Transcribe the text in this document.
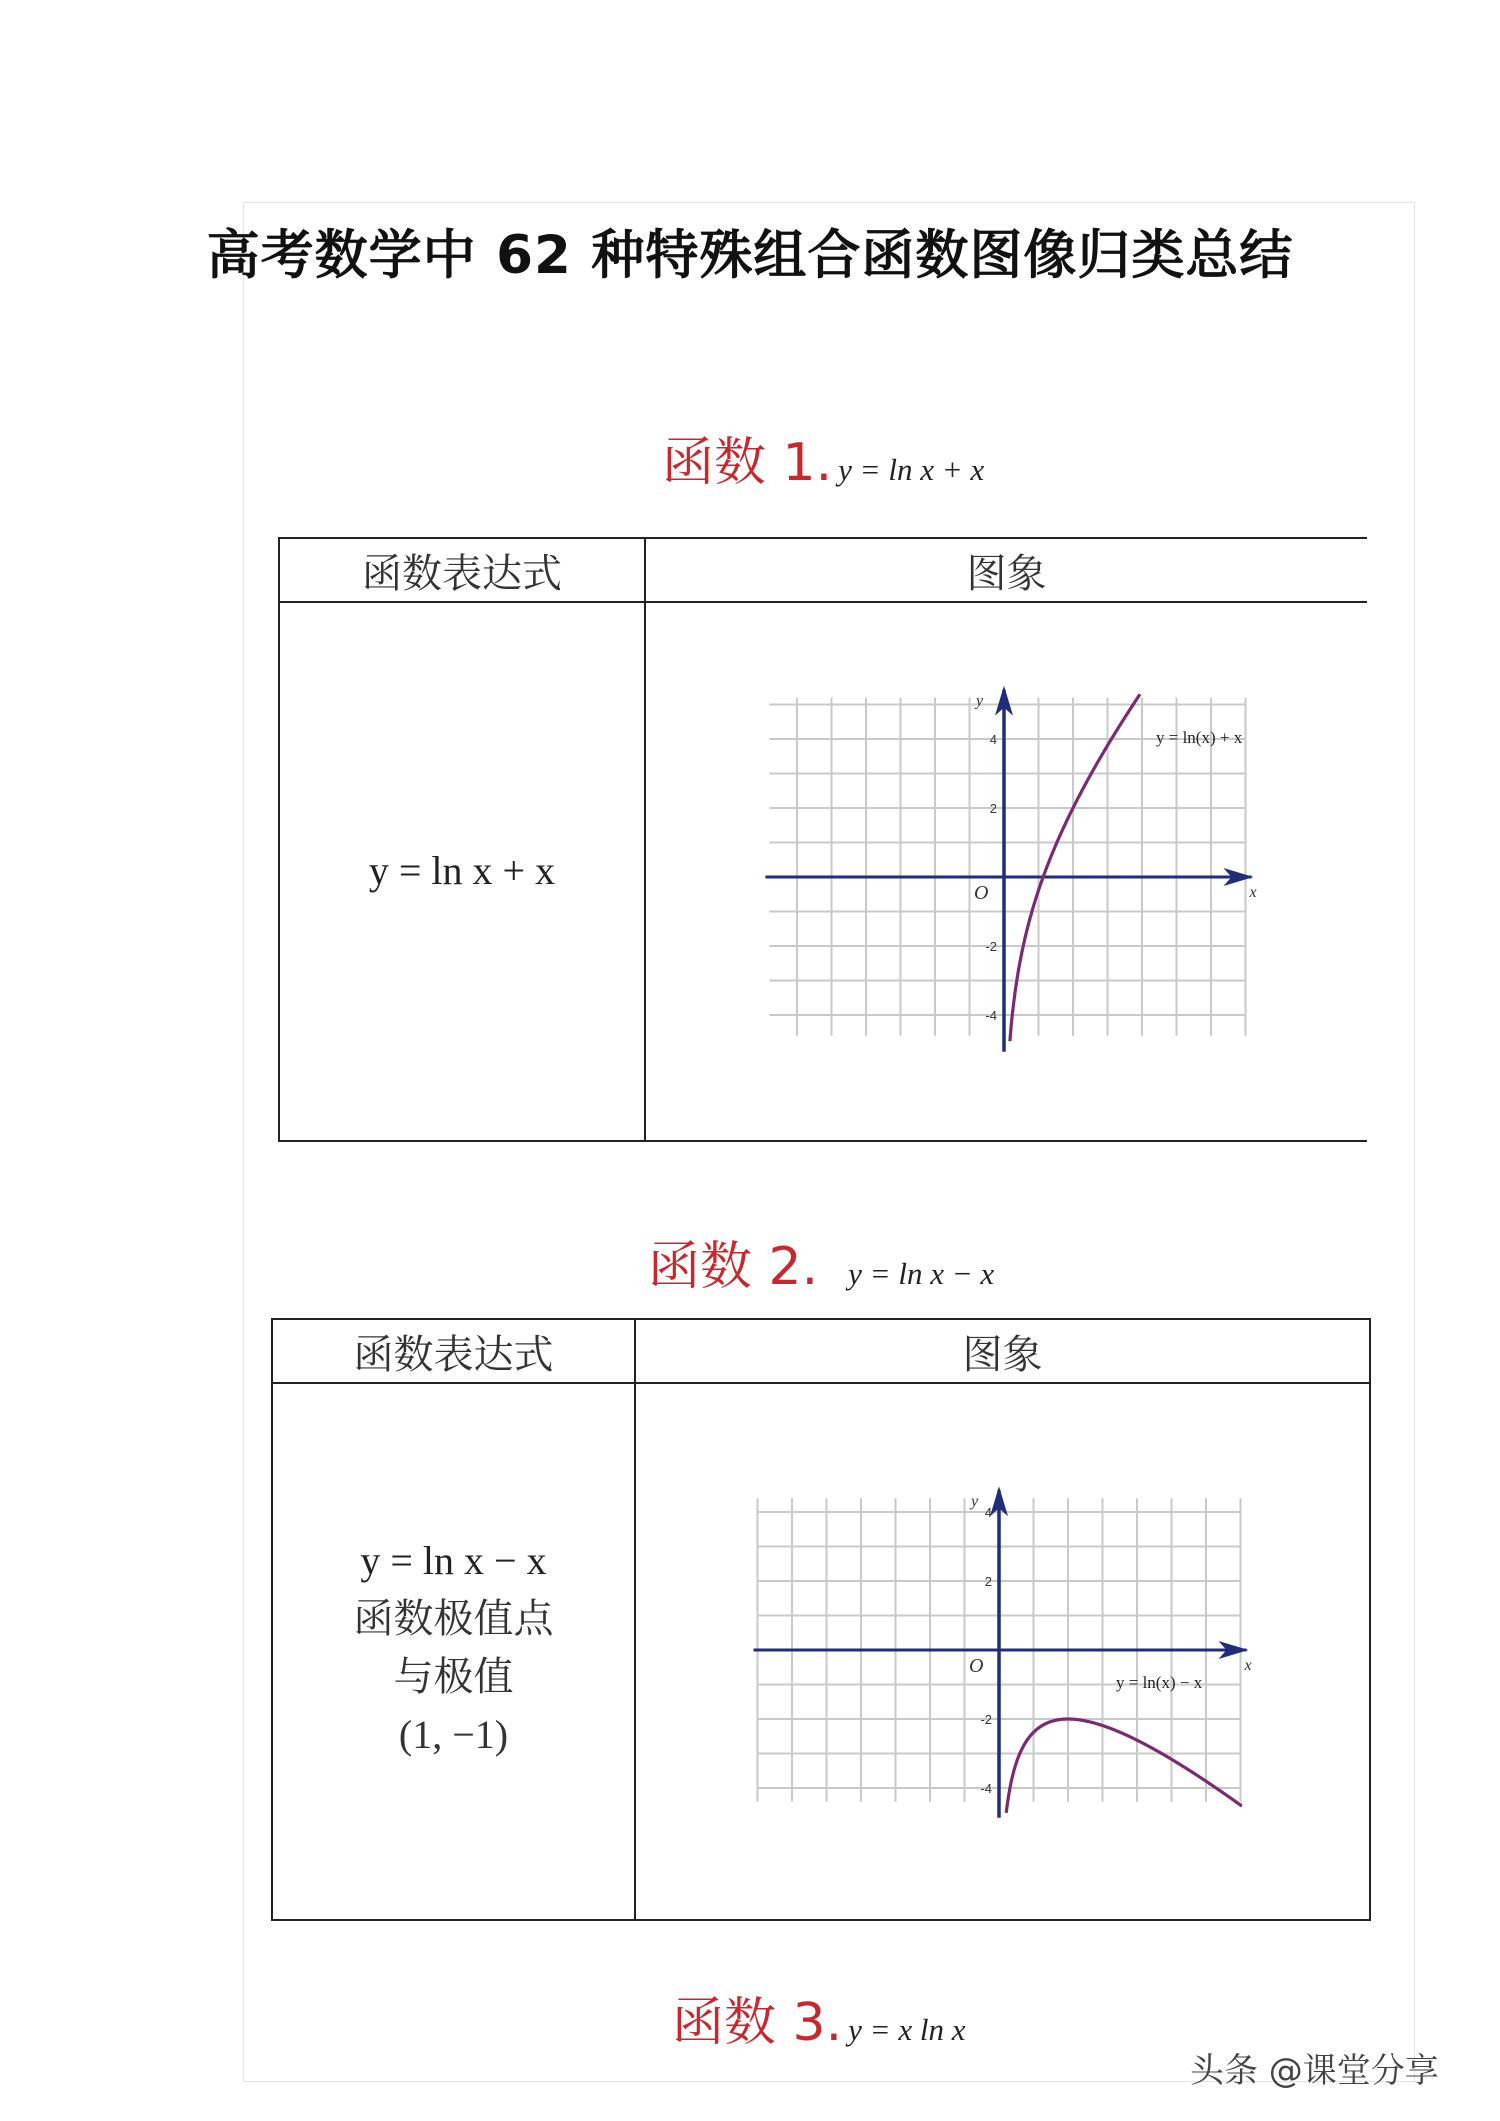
高考数学中 62 种特殊组合函数图像归类总结
函数 1. y = ln x + x
函数表达式	图象
y = ln x + x
4
2
-2
-4
x
y
O
y = ln(x) + x
函数 2. y = ln x − x
函数表达式	图象
y = ln x − x
函数极值点
与极值
(1, −1)
4
2
-2
-4
x
y
O
y = ln(x) − x
函数 3. y = x ln x
头条 @课堂分享
